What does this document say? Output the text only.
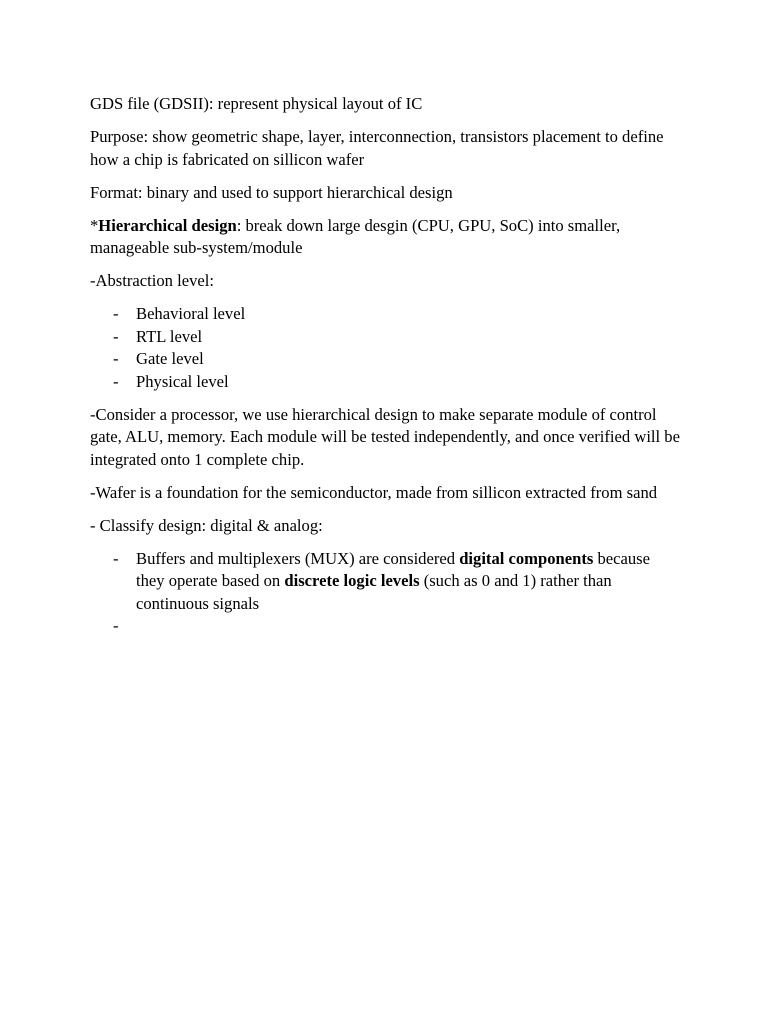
GDS file (GDSII): represent physical layout of IC

Purpose: show geometric shape, layer, interconnection, transistors placement to define how a chip is fabricated on sillicon wafer

Format: binary and used to support hierarchical design

*Hierarchical design: break down large desgin (CPU, GPU, SoC) into smaller, manageable sub-system/module

-Abstraction level:

- Behavioral level
- RTL level
- Gate level
- Physical level

-Consider a processor, we use hierarchical design to make separate module of control gate, ALU, memory. Each module will be tested independently, and once verified will be integrated onto 1 complete chip.

-Wafer is a foundation for the semiconductor, made from sillicon extracted from sand

- Classify design: digital & analog:

- Buffers and multiplexers (MUX) are considered digital components because they operate based on discrete logic levels (such as 0 and 1) rather than continuous signals
-
